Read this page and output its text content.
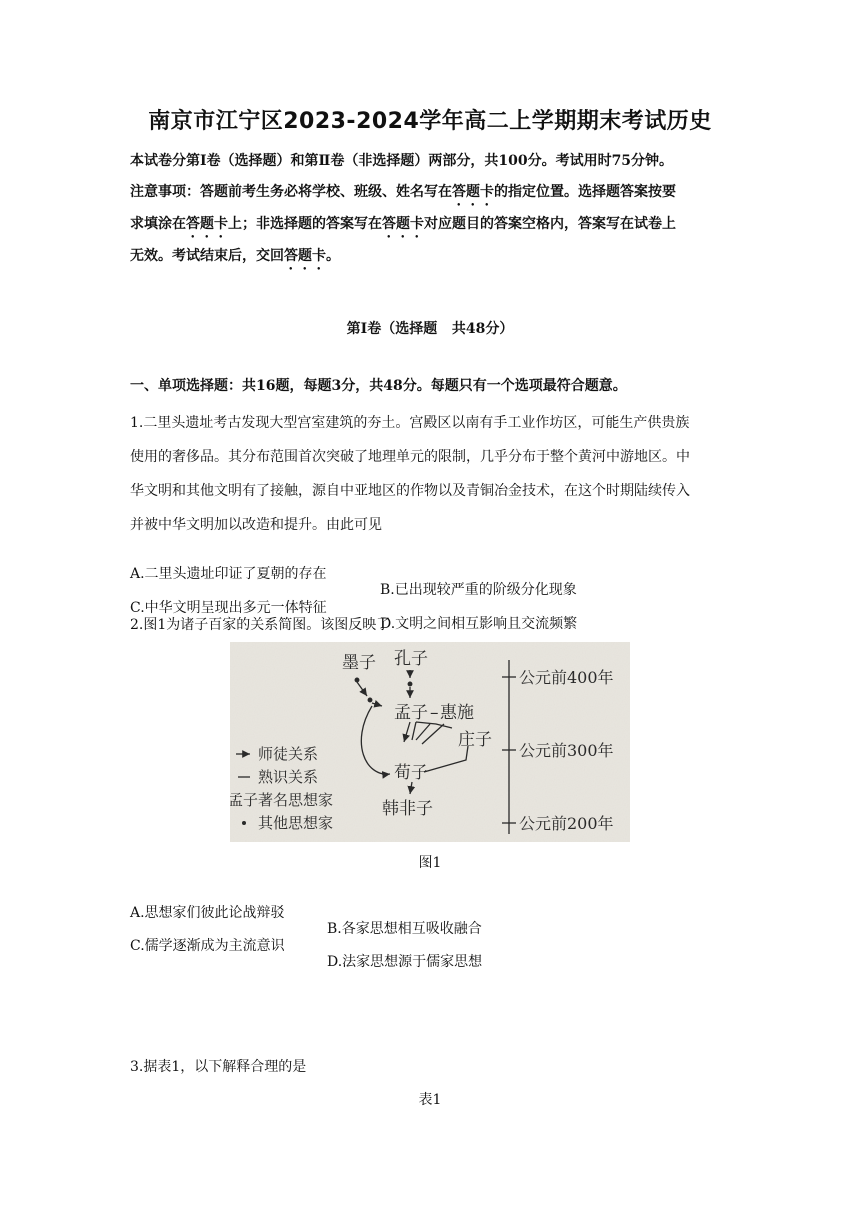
南京市江宁区2023-2024学年高二上学期期末考试历史

本试卷分第Ⅰ卷（选择题）和第Ⅱ卷（非选择题）两部分，共100分。考试用时75分钟。

注意事项：答题前考生务必将学校、班级、姓名写在答题卡的指定位置。选择题答案按要

求填涂在答题卡上；非选择题的答案写在答题卡对应题目的答案空格内，答案写在试卷上

无效。考试结束后，交回答题卡。

第Ⅰ卷（选择题   共48分）
一、单项选择题：共16题，每题3分，共48分。每题只有一个选项最符合题意。

1.二里头遗址考古发现大型宫室建筑的夯土。宫殿区以南有手工业作坊区，可能生产供贵族

使用的奢侈品。其分布范围首次突破了地理单元的限制，几乎分布于整个黄河中游地区。中

华文明和其他文明有了接触，源自中亚地区的作物以及青铜冶金技术，在这个时期陆续传入

并被中华文明加以改造和提升。由此可见

A.二里头遗址印证了夏朝的存在

B.已出现较严重的阶级分化现象

C.中华文明呈现出多元一体特征

D.文明之间相互影响且交流频繁

2.图1为诸子百家的关系简图。该图反映了
墨子 孔子
孟子 – 惠施
庄子
荀子
韩非子
师徒关系
熟识关系
孟子著名思想家
其他思想家
公元前400年
公元前300年
公元前200年
图1

A.思想家们彼此论战辩驳

B.各家思想相互吸收融合

C.儒学逐渐成为主流意识

D.法家思想源于儒家思想

3.据表1，以下解释合理的是
表1
